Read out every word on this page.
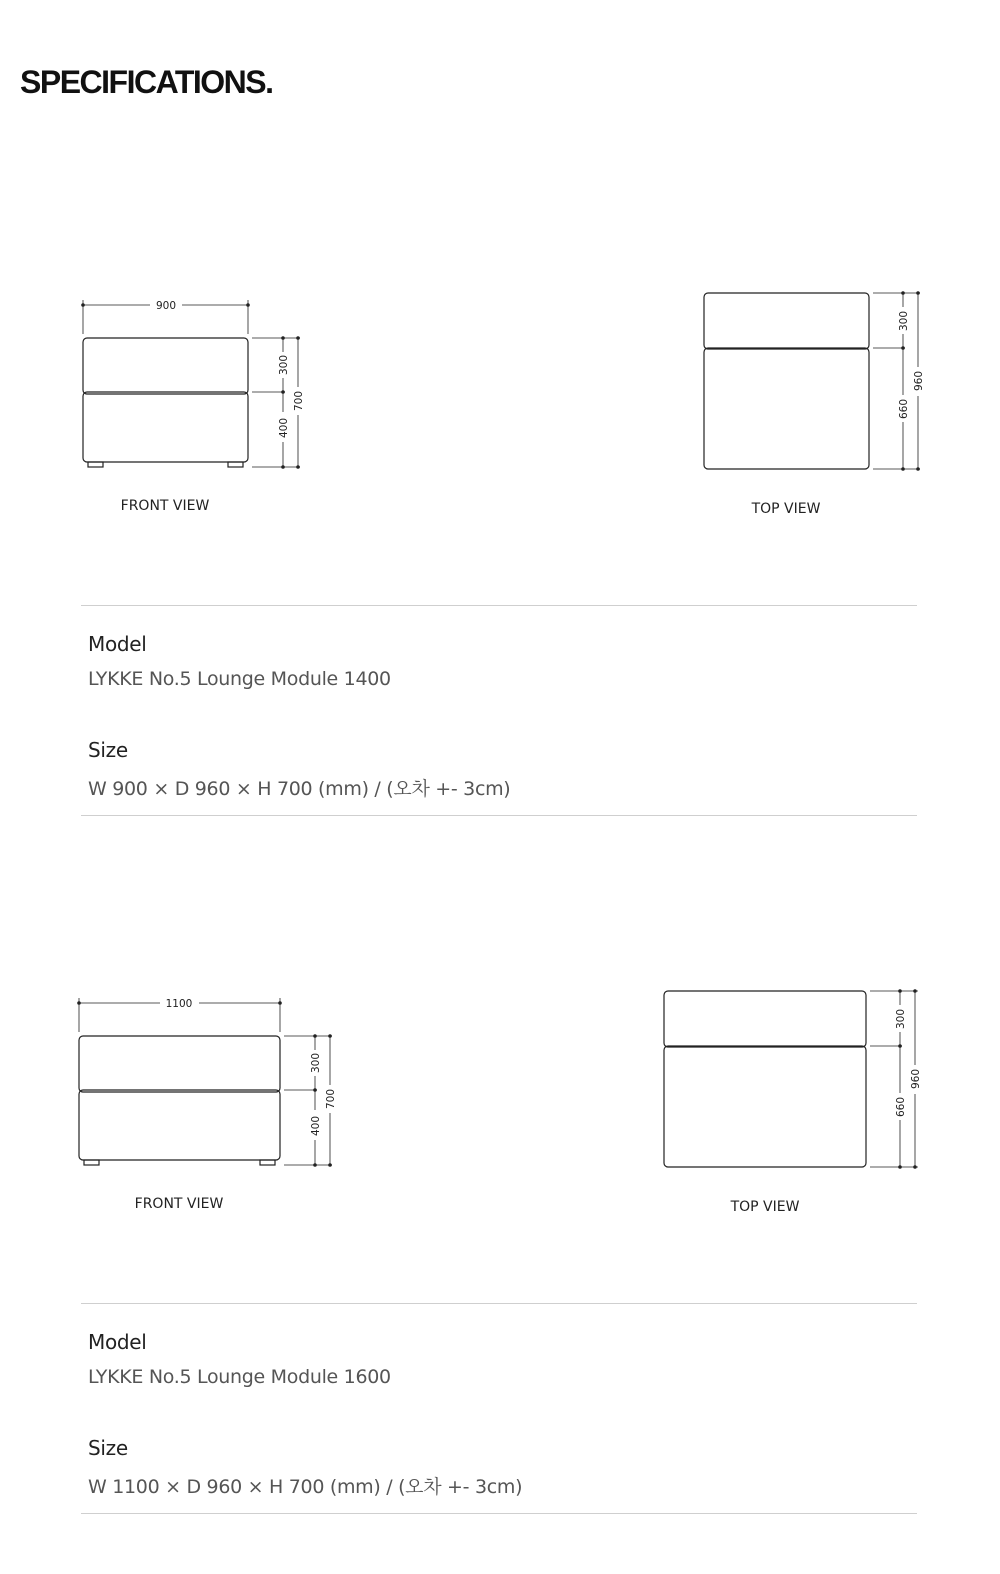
SPECIFICATIONS.
900
300
400
700
FRONT VIEW
300
660
960
TOP VIEW
Model
LYKKE No.5 Lounge Module 1400
Size
W 900 × D 960 × H 700 (mm) / (오차 +- 3cm)
1100
300
400
700
FRONT VIEW
300
660
960
TOP VIEW
Model
LYKKE No.5 Lounge Module 1600
Size
W 1100 × D 960 × H 700 (mm) / (오차 +- 3cm)
